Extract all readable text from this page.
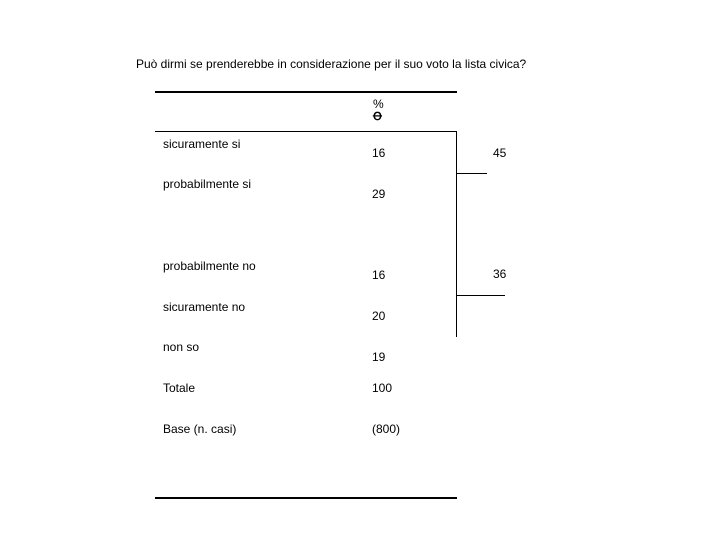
Può dirmi se prenderebbe in considerazione per il suo voto la lista civica?
%
Ꝋ
sicuramente si
16
probabilmente si
29
probabilmente no
16
sicuramente no
20
non so
19
Totale	100
Base (n. casi)	(800)
45
36
